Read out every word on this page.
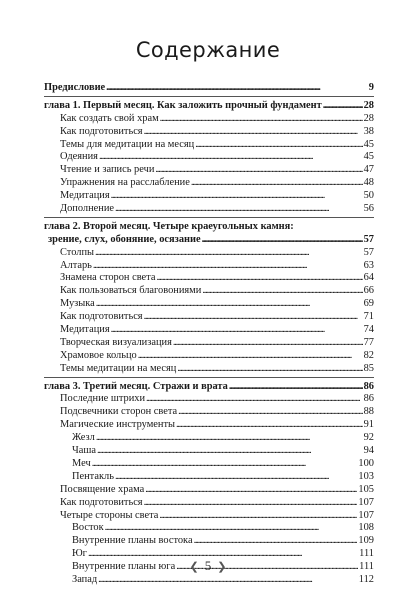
Содержание
Предисловие . . .	9
глава 1. Первый месяц. Как заложить прочный фундамент . . .	28
Как создать свой храм . . .	28
Как подготовиться . . .	38
Темы для медитации на месяц . . .	45
Одеяния . . .	45
Чтение и запись речи . . .	47
Упражнения на расслабление . . .	48
Медитация . . .	50
Дополнение . . .	56
глава 2. Второй месяц. Четыре краеугольных камня:
зрение, слух, обоняние, осязание . . .	57
Столпы . . .	57
Алтарь . . .	63
Знамена сторон света . . .	64
Как пользоваться благовониями . . .	66
Музыка . . .	69
Как подготовиться . . .	71
Медитация . . .	74
Творческая визуализация . . .	77
Храмовое кольцо . . .	82
Темы медитации на месяц . . .	85
глава 3. Третий месяц. Стражи и врата . . .	86
Последние штрихи . . .	86
Подсвечники сторон света . . .	88
Магические инструменты . . .	91
Жезл . . .	92
Чаша . . .	94
Меч . . .	100
Пентакль . . .	103
Посвящение храма . . .	105
Как подготовиться . . .	107
Четыре стороны света . . .	107
Восток . . .	108
Внутренние планы востока . . .	109
Юг . . .	111
Внутренние планы юга . . .	111
Запад . . .	112
❮ 5 ❯
